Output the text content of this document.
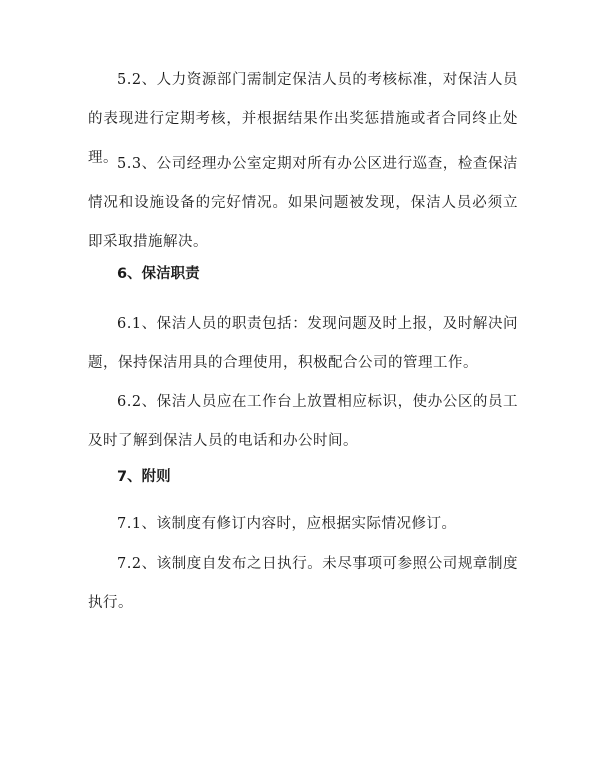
5.2、人力资源部门需制定保洁人员的考核标准，对保洁人员的表现进行定期考核，并根据结果作出奖惩措施或者合同终止处理。 5.3、公司经理办公室定期对所有办公区进行巡查，检查保洁情况和设施设备的完好情况。如果问题被发现，保洁人员必须立即采取措施解决。

6、保洁职责

6.1、保洁人员的职责包括：发现问题及时上报，及时解决问题，保持保洁用具的合理使用，积极配合公司的管理工作。

6.2、保洁人员应在工作台上放置相应标识，使办公区的员工及时了解到保洁人员的电话和办公时间。

7、附则

7.1、该制度有修订内容时，应根据实际情况修订。

7.2、该制度自发布之日执行。未尽事项可参照公司规章制度执行。
